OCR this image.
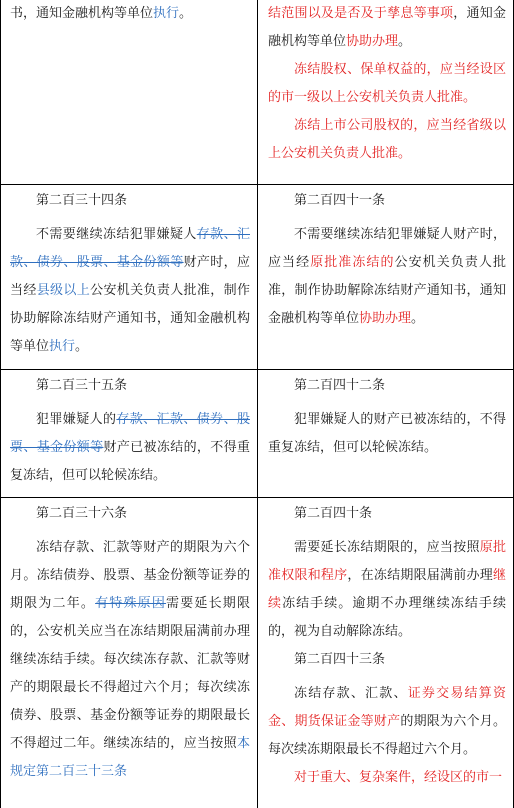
书，通知金融机构等单位执行。	结范围以及是否及于孳息等事项，通知金融机构等单位协助办理。

冻结股权、保单权益的，应当经设区的市一级以上公安机关负责人批准。

冻结上市公司股权的，应当经省级以上公安机关负责人批准。

第二百三十四条

不需要继续冻结犯罪嫌疑人存款、汇款、债券、股票、基金份额等财产时，应当经县级以上公安机关负责人批准，制作协助解除冻结财产通知书，通知金融机构等单位执行。

第二百四十一条

不需要继续冻结犯罪嫌疑人财产时，应当经原批准冻结的公安机关负责人批准，制作协助解除冻结财产通知书，通知金融机构等单位协助办理。

第二百三十五条

犯罪嫌疑人的存款、汇款、债券、股票、基金份额等财产已被冻结的，不得重复冻结，但可以轮候冻结。

第二百四十二条

犯罪嫌疑人的财产已被冻结的，不得重复冻结，但可以轮候冻结。

第二百三十六条

冻结存款、汇款等财产的期限为六个月。冻结债券、股票、基金份额等证券的期限为二年。有特殊原因需要延长期限的，公安机关应当在冻结期限届满前办理继续冻结手续。每次续冻存款、汇款等财产的期限最长不得超过六个月；每次续冻债券、股票、基金份额等证券的期限最长不得超过二年。继续冻结的，应当按照本规定第二百三十三条

第二百四十条

需要延长冻结期限的，应当按照原批准权限和程序，在冻结期限届满前办理继续冻结手续。逾期不办理继续冻结手续的，视为自动解除冻结。

第二百四十三条

冻结存款、汇款、证券交易结算资金、期货保证金等财产的期限为六个月。每次续冻期限最长不得超过六个月。

对于重大、复杂案件，经设区的市一
